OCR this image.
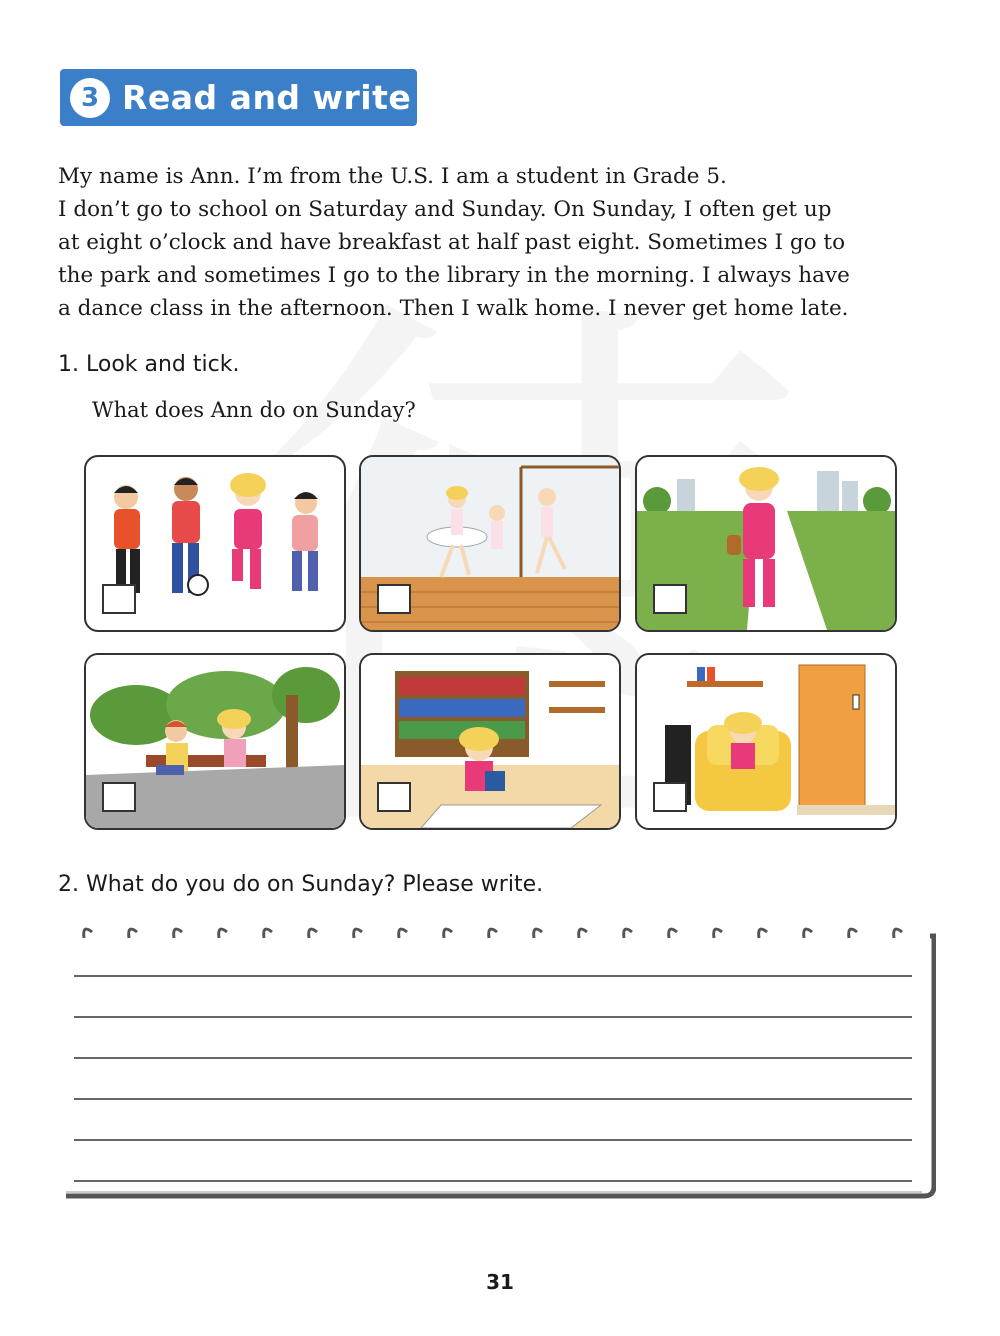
3 Read and write

My name is Ann. I’m from the U.S. I am a student in Grade 5.

I don’t go to school on Saturday and Sunday. On Sunday, I often get up

at eight o’clock and have breakfast at half past eight. Sometimes I go to

the park and sometimes I go to the library in the morning. I always have

a dance class in the afternoon. Then I walk home. I never get home late.

1. Look and tick.
What does Ann do on Sunday?
2. What do you do on Sunday? Please write.
31
